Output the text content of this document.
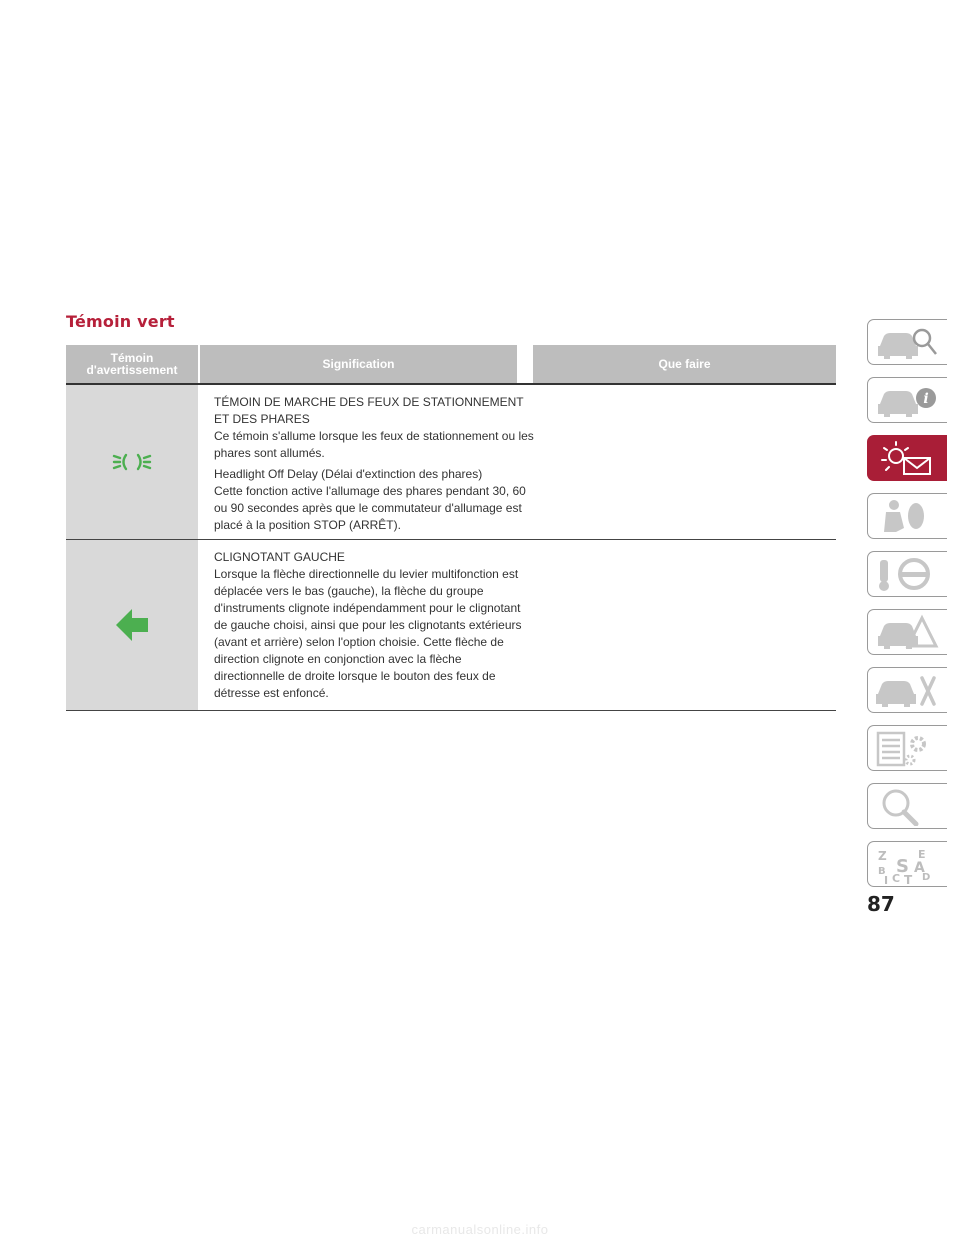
Témoin vert
Témoin
d'avertissement	Signification	Que faire

TÉMOIN DE MARCHE DES FEUX DE STATIONNEMENT ET DES PHARES
Ce témoin s'allume lorsque les feux de stationnement ou les phares sont allumés.

Headlight Off Delay (Délai d'extinction des phares)
Cette fonction active l'allumage des phares pendant 30, 60 ou 90 secondes après que le commutateur d'allumage est placé à la position STOP (ARRÊT).

CLIGNOTANT GAUCHE
Lorsque la flèche directionnelle du levier multifonction est déplacée vers le bas (gauche), la flèche du groupe d'instruments clignote indépendamment pour le clignotant de gauche choisi, ainsi que pour les clignotants extérieurs (avant et arrière) selon l'option choisie. Cette flèche de direction clignote en conjonction avec la flèche directionnelle de droite lorsque le bouton des feux de détresse est enfoncé.

i
Z	E
S A
B
C D
T
I
87
carmanualsonline.info
